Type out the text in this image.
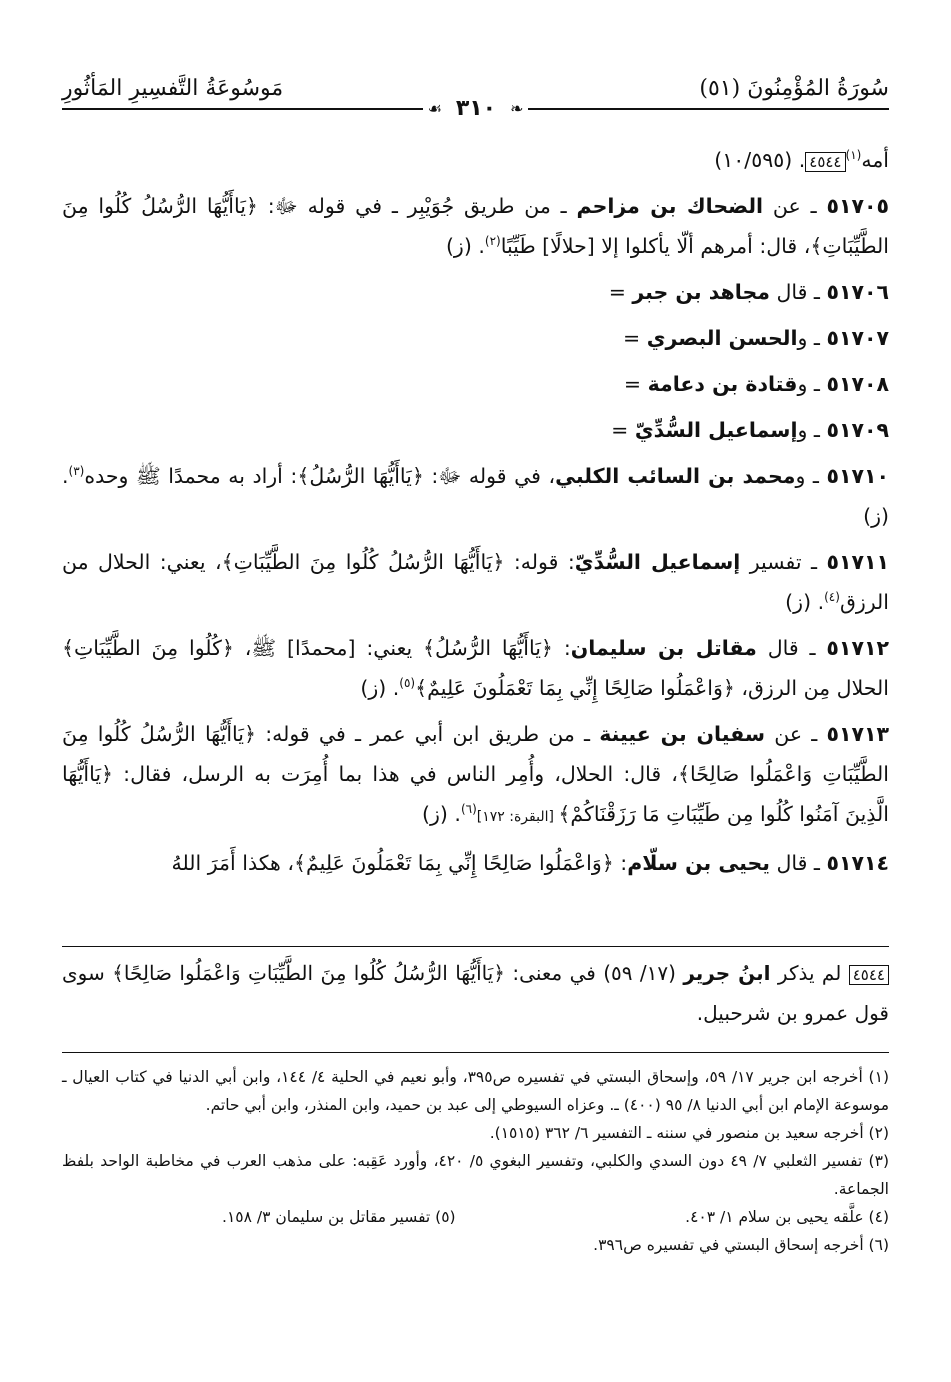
سُورَةُ المُؤْمِنُونَ (٥١)
مَوسُوعَةُ التَّفسِيرِ المَأثُورِ
❧
٣١٠
☙

أمه$^{(١)}$٤٥٤٤. (١٠/٥٩٥)

٥١٧٠٥ ـ عن الضحاك بن مزاحم ـ من طريق جُوَيْبِر ـ في قوله ﷻ: ﴿يَاأَيُّهَا الرُّسُلُ كُلُوا مِنَ الطَّيِّبَاتِ﴾، قال: أمرهم ألّا يأكلوا إلا [حلالًا] طَيِّبًا$^{(٢)}$. (ز)

٥١٧٠٦ ـ قال مجاهد بن جبر =

٥١٧٠٧ ـ والحسن البصري =

٥١٧٠٨ ـ وقتادة بن دعامة =

٥١٧٠٩ ـ وإسماعيل السُّدِّيّ =

٥١٧١٠ ـ ومحمد بن السائب الكلبي، في قوله ﷻ: ﴿يَاأَيُّهَا الرُّسُلُ﴾: أراد به محمدًا ﷺ وحده$^{(٣)}$. (ز)

٥١٧١١ ـ تفسير إسماعيل السُّدِّيّ: قوله: ﴿يَاأَيُّهَا الرُّسُلُ كُلُوا مِنَ الطَّيِّبَاتِ﴾، يعني: الحلال من الرزق$^{(٤)}$. (ز)

٥١٧١٢ ـ قال مقاتل بن سليمان: ﴿يَاأَيُّهَا الرُّسُلُ﴾ يعني: [محمدًا] ﷺ، ﴿كُلُوا مِنَ الطَّيِّبَاتِ﴾ الحلال مِن الرزق، ﴿وَاعْمَلُوا صَالِحًا إِنِّي بِمَا تَعْمَلُونَ عَلِيمٌ﴾$^{(٥)}$. (ز)

٥١٧١٣ ـ عن سفيان بن عيينة ـ من طريق ابن أبي عمر ـ في قوله: ﴿يَاأَيُّهَا الرُّسُلُ كُلُوا مِنَ الطَّيِّبَاتِ وَاعْمَلُوا صَالِحًا﴾، قال: الحلال، وأُمِر الناس في هذا بما أُمِرَت به الرسل، فقال: ﴿يَاأَيُّهَا الَّذِينَ آمَنُوا كُلُوا مِن طَيِّبَاتِ مَا رَزَقْنَاكُمْ﴾ [البقرة: ١٧٢]$^{(٦)}$. (ز)

٥١٧١٤ ـ قال يحيى بن سلّام: ﴿وَاعْمَلُوا صَالِحًا إِنِّي بِمَا تَعْمَلُونَ عَلِيمٌ﴾، هكذا أَمَرَ اللهُ

٤٥٤٤ لم يذكر ابنُ جرير (١٧/ ٥٩) في معنى: ﴿يَاأَيُّهَا الرُّسُلُ كُلُوا مِنَ الطَّيِّبَاتِ وَاعْمَلُوا صَالِحًا﴾ سوى قول عمرو بن شرحبيل.

(١) أخرجه ابن جرير ١٧/ ٥٩، وإسحاق البستي في تفسيره ص٣٩٥، وأبو نعيم في الحلية ٤/ ١٤٤، وابن أبي الدنيا في كتاب العيال ـ موسوعة الإمام ابن أبي الدنيا ٨/ ٩٥ (٤٠٠) ـ. وعزاه السيوطي إلى عبد بن حميد، وابن المنذر، وابن أبي حاتم.

(٢) أخرجه سعيد بن منصور في سننه ـ التفسير ٦/ ٣٦٢ (١٥١٥).

(٣) تفسير الثعلبي ٧/ ٤٩ دون السدي والكلبي، وتفسير البغوي ٥/ ٤٢٠، وأورد عَقِبه: على مذهب العرب في مخاطبة الواحد بلفظ الجماعة.

(٤) علَّقه يحيى بن سلام ١/ ٤٠٣.
(٥) تفسير مقاتل بن سليمان ٣/ ١٥٨.

(٦) أخرجه إسحاق البستي في تفسيره ص٣٩٦.
